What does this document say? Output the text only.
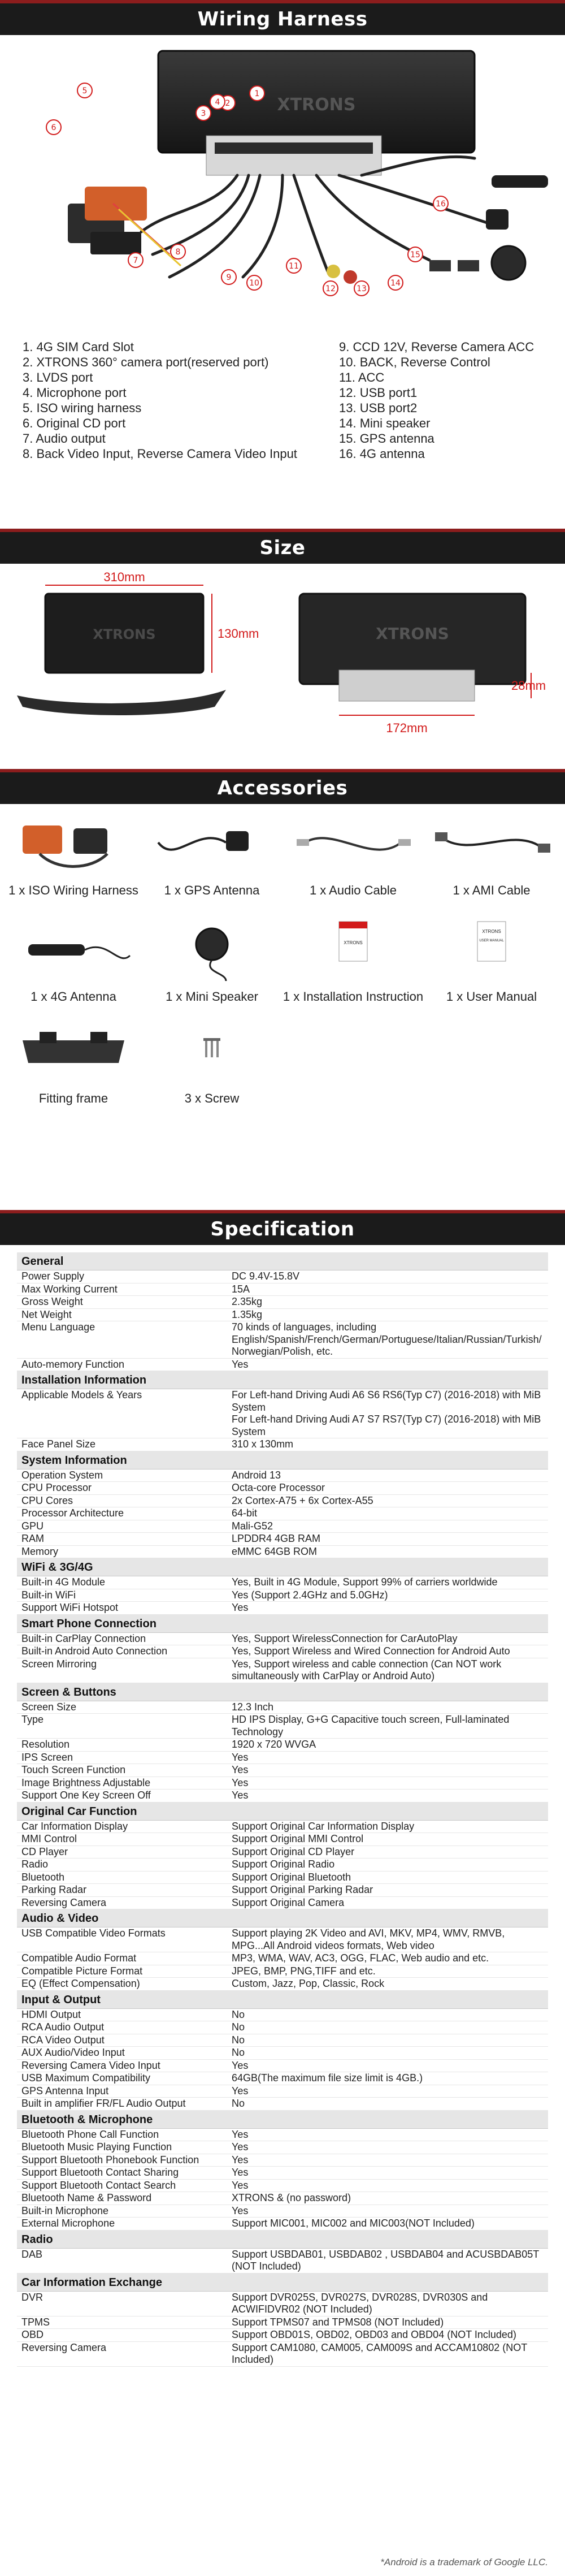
Wiring Harness
XTRONS
1
2
3
4
5
6
7
8
9
10
11
12	13
14
15
16
1. 4G SIM Card Slot
2. XTRONS 360° camera port(reserved port)
3. LVDS port
4. Microphone port
5. ISO wiring harness
6. Original CD port
7. Audio output
8. Back Video Input, Reverse Camera Video Input
9. CCD 12V, Reverse Camera ACC
10. BACK, Reverse Control
11. ACC
12. USB port1
13. USB port2
14. Mini speaker
15. GPS antenna
16. 4G antenna
Size
XTRONS
310mm
130mm	XTRONS
28mm
172mm
Accessories
1 x ISO Wiring Harness	1 x GPS Antenna	1 x Audio Cable	1 x AMI Cable
1 x 4G Antenna	1 x Mini Speaker
XTRONS
1 x Installation Instruction
XTRONS
USER MANUAL
1 x User Manual
Fitting frame	3 x Screw
Specification
General
Power Supply	DC 9.4V-15.8V
Max Working Current	15A
Gross Weight	2.35kg
Net Weight	1.35kg
Menu Language	70 kinds of languages, including English/Spanish/French/German/Portuguese/Italian/Russian/Turkish/ Norwegian/Polish, etc.
Auto-memory Function	Yes
Installation Information
Applicable Models & Years	For Left-hand Driving Audi A6 S6 RS6(Typ C7) (2016-2018) with MiB System
For Left-hand Driving Audi A7 S7 RS7(Typ C7) (2016-2018) with MiB System
Face Panel Size	310 x 130mm
System Information
Operation System	Android 13
CPU Processor	Octa-core Processor
CPU Cores	2x Cortex-A75 + 6x Cortex-A55
Processor Architecture	64-bit
GPU	Mali-G52
RAM	LPDDR4 4GB RAM
Memory	eMMC 64GB ROM
WiFi & 3G/4G
Built-in 4G Module	Yes, Built in 4G Module, Support 99% of carriers worldwide
Built-in WiFi	Yes (Support 2.4GHz and 5.0GHz)
Support WiFi Hotspot	Yes
Smart Phone Connection
Built-in CarPlay Connection	Yes, Support WirelessConnection for CarAutoPlay
Built-in Android Auto Connection	Yes, Support Wireless and Wired Connection for Android Auto
Screen Mirroring	Yes, Support wireless and cable connection (Can NOT work simultaneously with CarPlay or Android Auto)
Screen & Buttons
Screen Size	12.3 Inch
Type	HD IPS Display, G+G Capacitive touch screen, Full-laminated Technology
Resolution	1920 x 720 WVGA
IPS Screen	Yes
Touch Screen Function	Yes
Image Brightness Adjustable	Yes
Support One Key Screen Off	Yes
Original Car Function
Car Information Display	Support Original Car Information Display
MMI Control	Support Original MMI Control
CD Player	Support Original CD Player
Radio	Support Original Radio
Bluetooth	Support Original Bluetooth
Parking Radar	Support Original Parking Radar
Reversing Camera	Support Original Camera
Audio & Video
USB Compatible Video Formats	Support playing 2K Video and AVI, MKV, MP4, WMV, RMVB, MPG...All Android videos formats, Web video
Compatible Audio Format	MP3, WMA, WAV, AC3, OGG, FLAC, Web audio and etc.
Compatible Picture Format	JPEG, BMP, PNG,TIFF and etc.
EQ (Effect Compensation)	Custom, Jazz, Pop, Classic, Rock
Input & Output
HDMI Output	No
RCA Audio Output	No
RCA Video Output	No
AUX Audio/Video Input	No
Reversing Camera Video Input	Yes
USB Maximum Compatibility	64GB(The maximum file size limit is 4GB.)
GPS Antenna Input	Yes
Built in amplifier FR/FL Audio Output	No
Bluetooth & Microphone
Bluetooth Phone Call Function	Yes
Bluetooth Music Playing Function	Yes
Support Bluetooth Phonebook Function	Yes
Support Bluetooth Contact Sharing	Yes
Support Bluetooth Contact Search	Yes
Bluetooth Name & Password	XTRONS & (no password)
Built-in Microphone	Yes
External Microphone	Support MIC001, MIC002 and MIC003(NOT Included)
Radio
DAB	Support USBDAB01, USBDAB02 , USBDAB04 and ACUSBDAB05T (NOT Included)
Car Information Exchange
DVR	Support DVR025S, DVR027S, DVR028S, DVR030S and ACWIFIDVR02 (NOT Included)
TPMS	Support TPMS07 and TPMS08 (NOT Included)
OBD	Support OBD01S, OBD02, OBD03 and OBD04 (NOT Included)
Reversing Camera	Support CAM1080, CAM005, CAM009S and ACCAM10802 (NOT Included)
*Android is a trademark of Google LLC.
